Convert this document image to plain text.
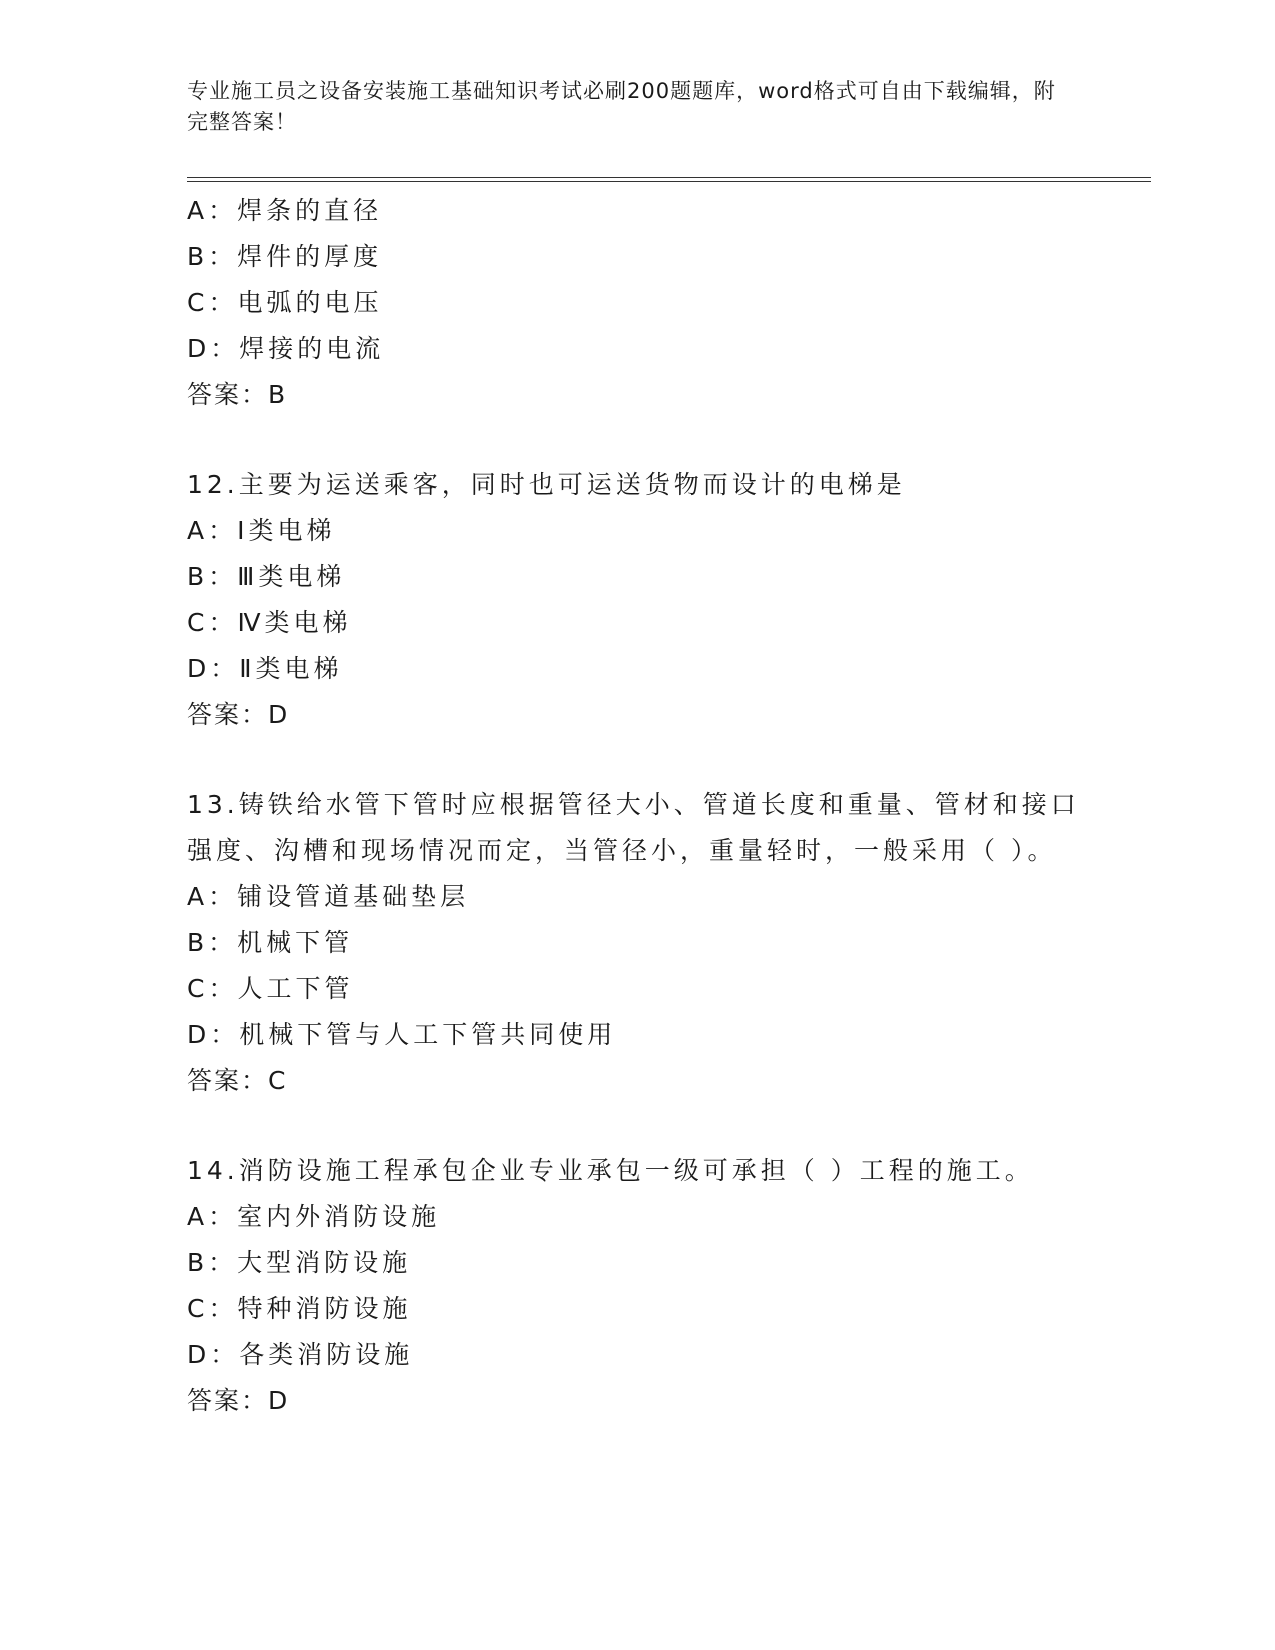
专业施工员之设备安装施工基础知识考试必刷200题题库，word格式可自由下载编辑，附完整答案！
A：焊条的直径
B：焊件的厚度
C：电弧的电压
D：焊接的电流
答案：B
12.主要为运送乘客，同时也可运送货物而设计的电梯是
A：Ⅰ类电梯
B：Ⅲ类电梯
C：Ⅳ类电梯
D：Ⅱ类电梯
答案：D
13.铸铁给水管下管时应根据管径大小、管道长度和重量、管材和接口强度、沟槽和现场情况而定，当管径小，重量轻时，一般采用（ ）。
A：铺设管道基础垫层
B：机械下管
C：人工下管
D：机械下管与人工下管共同使用
答案：C
14.消防设施工程承包企业专业承包一级可承担（ ）工程的施工。
A：室内外消防设施
B：大型消防设施
C：特种消防设施
D：各类消防设施
答案：D
